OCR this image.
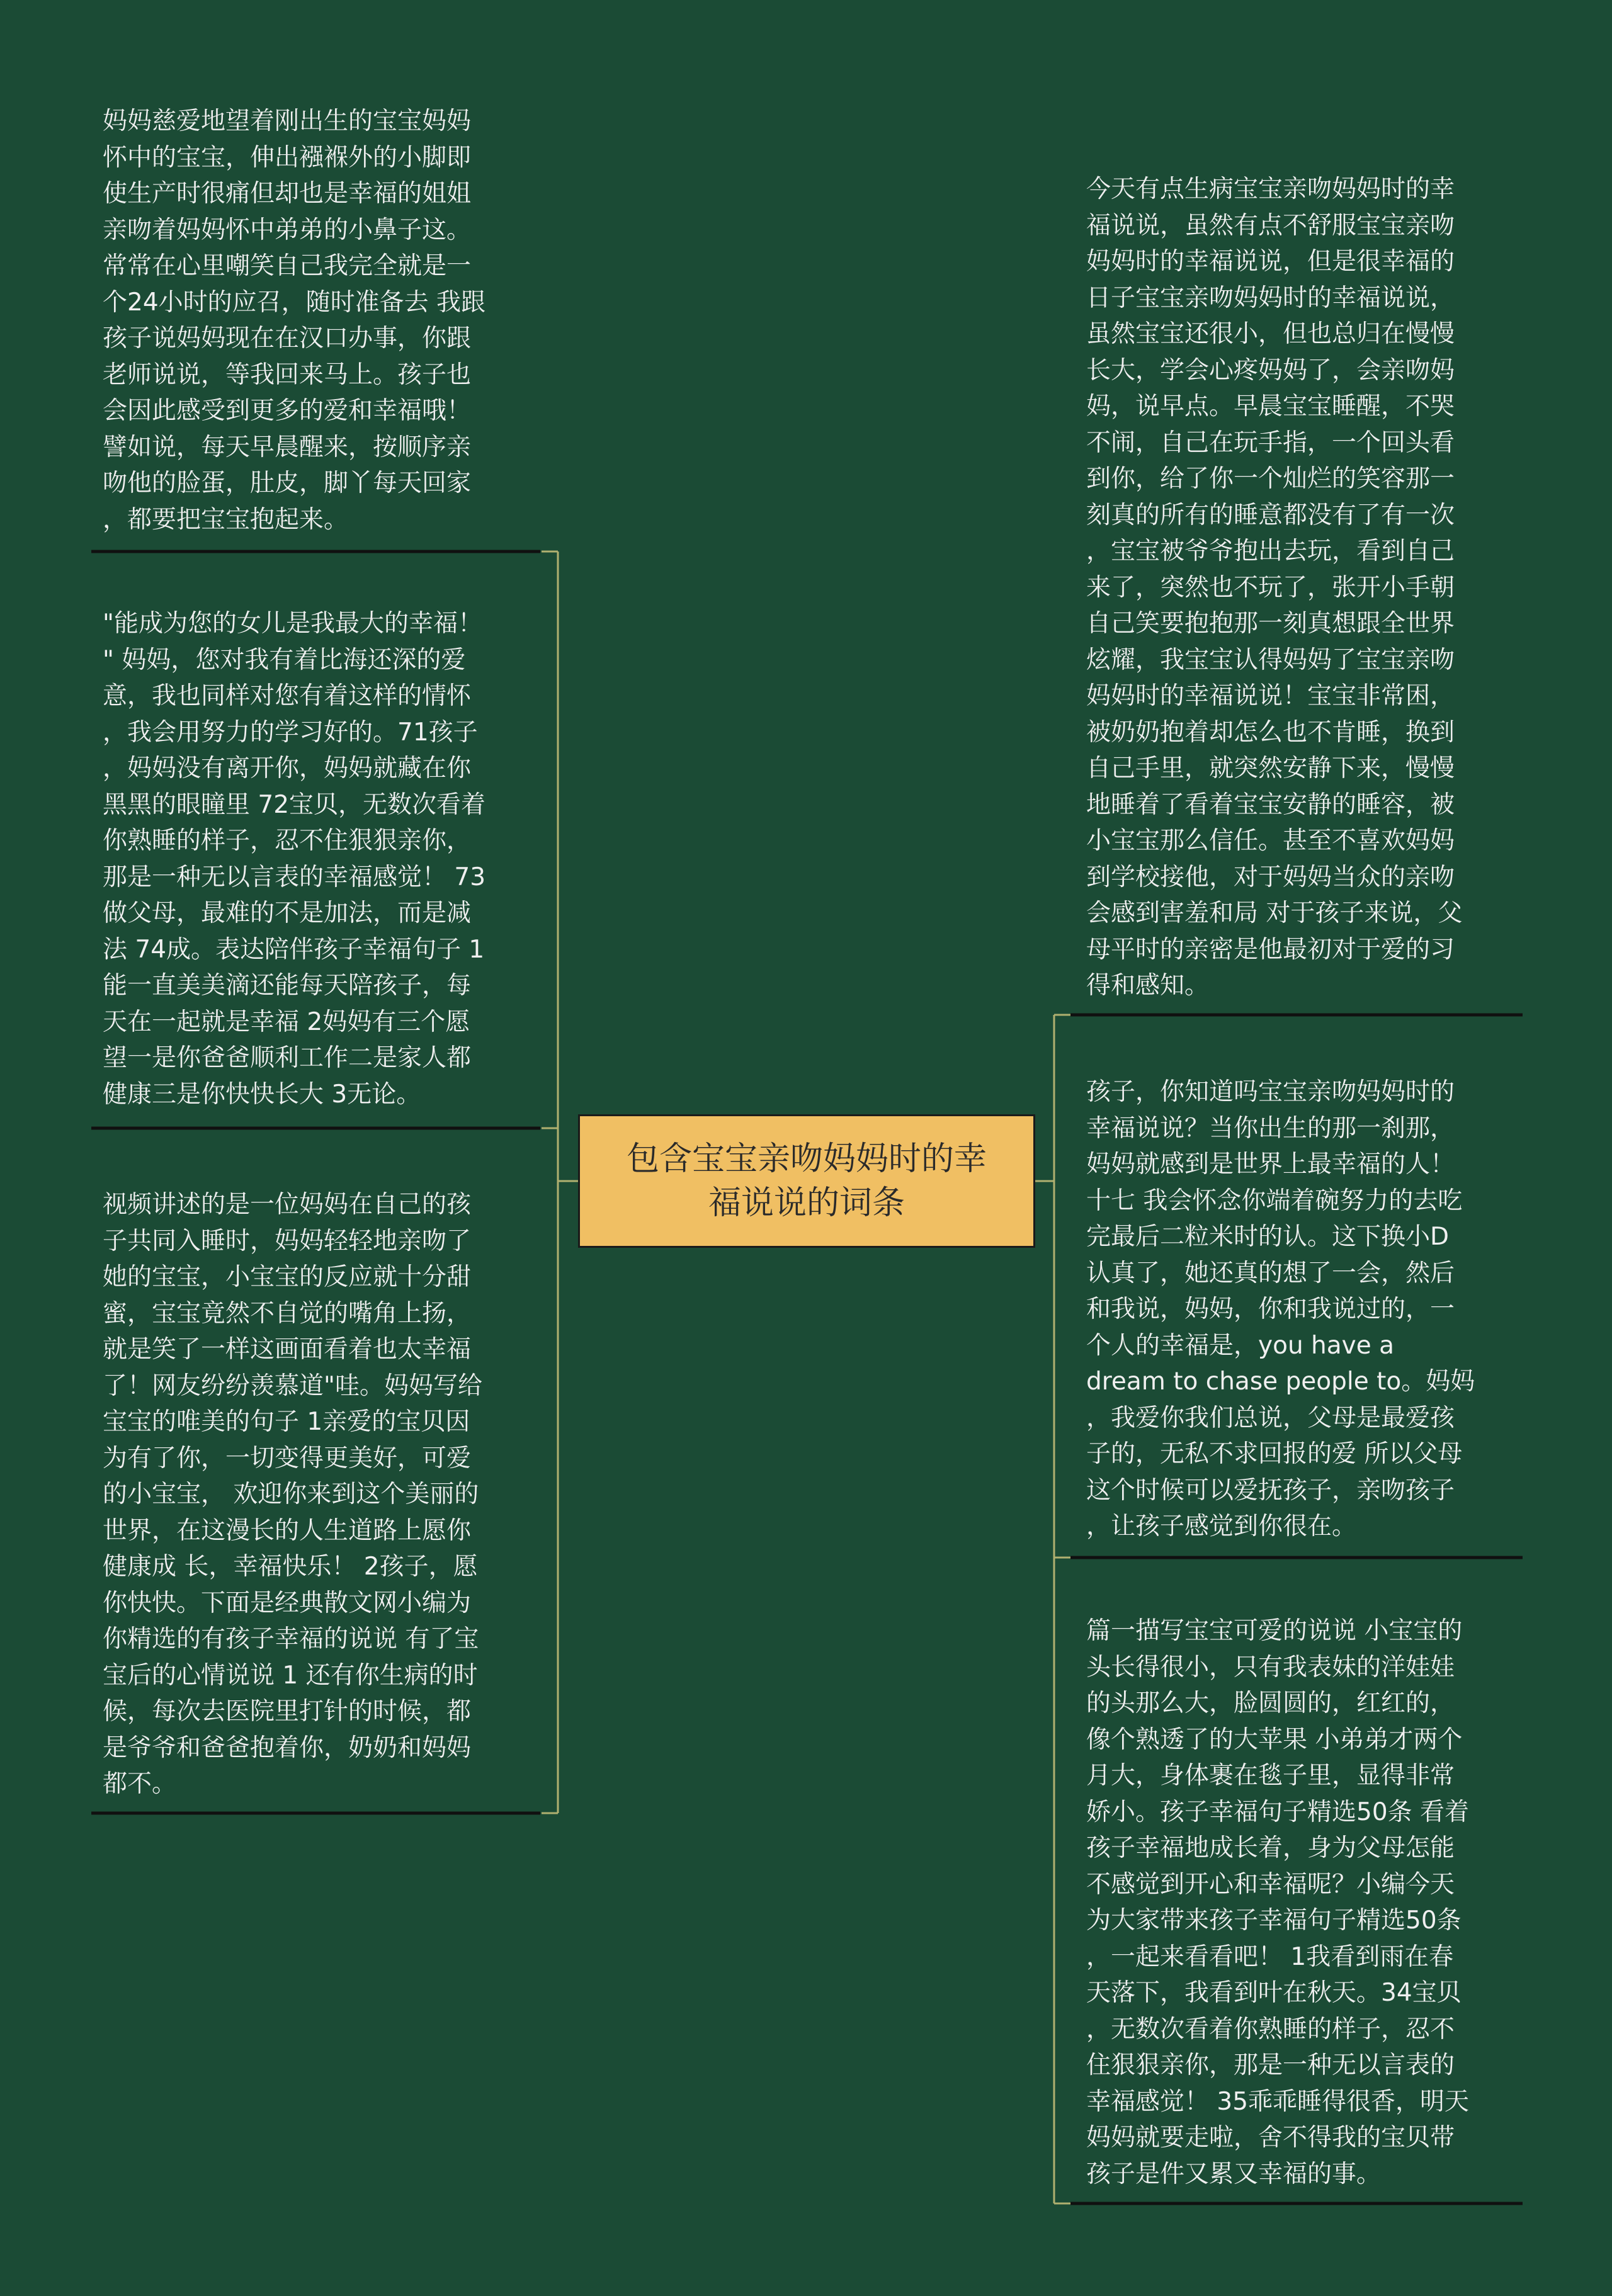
包含宝宝亲吻妈妈时的幸
福说说的词条
妈妈慈爱地望着刚出生的宝宝妈妈
怀中的宝宝，伸出襁褓外的小脚即
使生产时很痛但却也是幸福的姐姐
亲吻着妈妈怀中弟弟的小鼻子这。
常常在心里嘲笑自己我完全就是一
个24小时的应召，随时准备去 我跟
孩子说妈妈现在在汉口办事，你跟
老师说说，等我回来马上。孩子也
会因此感受到更多的爱和幸福哦！
譬如说，每天早晨醒来，按顺序亲
吻他的脸蛋，肚皮，脚丫每天回家
，都要把宝宝抱起来。
"能成为您的女儿是我最大的幸福！
" 妈妈，您对我有着比海还深的爱
意，我也同样对您有着这样的情怀
，我会用努力的学习好的。71孩子
，妈妈没有离开你，妈妈就藏在你
黑黑的眼瞳里 72宝贝，无数次看着
你熟睡的样子，忍不住狠狠亲你，
那是一种无以言表的幸福感觉！ 73
做父母，最难的不是加法，而是减
法 74成。表达陪伴孩子幸福句子 1
能一直美美滴还能每天陪孩子，每
天在一起就是幸福 2妈妈有三个愿
望一是你爸爸顺利工作二是家人都
健康三是你快快长大 3无论。
视频讲述的是一位妈妈在自己的孩
子共同入睡时，妈妈轻轻地亲吻了
她的宝宝，小宝宝的反应就十分甜
蜜，宝宝竟然不自觉的嘴角上扬，
就是笑了一样这画面看着也太幸福
了！网友纷纷羡慕道"哇。妈妈写给
宝宝的唯美的句子 1亲爱的宝贝因
为有了你，一切变得更美好，可爱
的小宝宝， 欢迎你来到这个美丽的
世界，在这漫长的人生道路上愿你
健康成 长，幸福快乐！ 2孩子，愿
你快快。下面是经典散文网小编为
你精选的有孩子幸福的说说 有了宝
宝后的心情说说 1 还有你生病的时
候，每次去医院里打针的时候，都
是爷爷和爸爸抱着你，奶奶和妈妈
都不。
今天有点生病宝宝亲吻妈妈时的幸
福说说，虽然有点不舒服宝宝亲吻
妈妈时的幸福说说，但是很幸福的
日子宝宝亲吻妈妈时的幸福说说，
虽然宝宝还很小，但也总归在慢慢
长大，学会心疼妈妈了，会亲吻妈
妈，说早点。早晨宝宝睡醒，不哭
不闹，自己在玩手指，一个回头看
到你，给了你一个灿烂的笑容那一
刻真的所有的睡意都没有了有一次
，宝宝被爷爷抱出去玩，看到自己
来了，突然也不玩了，张开小手朝
自己笑要抱抱那一刻真想跟全世界
炫耀，我宝宝认得妈妈了宝宝亲吻
妈妈时的幸福说说！宝宝非常困，
被奶奶抱着却怎么也不肯睡，换到
自己手里，就突然安静下来，慢慢
地睡着了看着宝宝安静的睡容，被
小宝宝那么信任。甚至不喜欢妈妈
到学校接他，对于妈妈当众的亲吻
会感到害羞和局 对于孩子来说，父
母平时的亲密是他最初对于爱的习
得和感知。
孩子，你知道吗宝宝亲吻妈妈时的
幸福说说？当你出生的那一刹那，
妈妈就感到是世界上最幸福的人！
十七 我会怀念你端着碗努力的去吃
完最后二粒米时的认。这下换小D
认真了，她还真的想了一会，然后
和我说，妈妈，你和我说过的，一
个人的幸福是，you have a
dream to chase people to。妈妈
，我爱你我们总说，父母是最爱孩
子的，无私不求回报的爱 所以父母
这个时候可以爱抚孩子，亲吻孩子
，让孩子感觉到你很在。
篇一描写宝宝可爱的说说 小宝宝的
头长得很小，只有我表妹的洋娃娃
的头那么大，脸圆圆的，红红的，
像个熟透了的大苹果 小弟弟才两个
月大，身体裹在毯子里，显得非常
娇小。孩子幸福句子精选50条 看着
孩子幸福地成长着，身为父母怎能
不感觉到开心和幸福呢？小编今天
为大家带来孩子幸福句子精选50条
，一起来看看吧！ 1我看到雨在春
天落下，我看到叶在秋天。34宝贝
，无数次看着你熟睡的样子，忍不
住狠狠亲你，那是一种无以言表的
幸福感觉！ 35乖乖睡得很香，明天
妈妈就要走啦，舍不得我的宝贝带
孩子是件又累又幸福的事。
